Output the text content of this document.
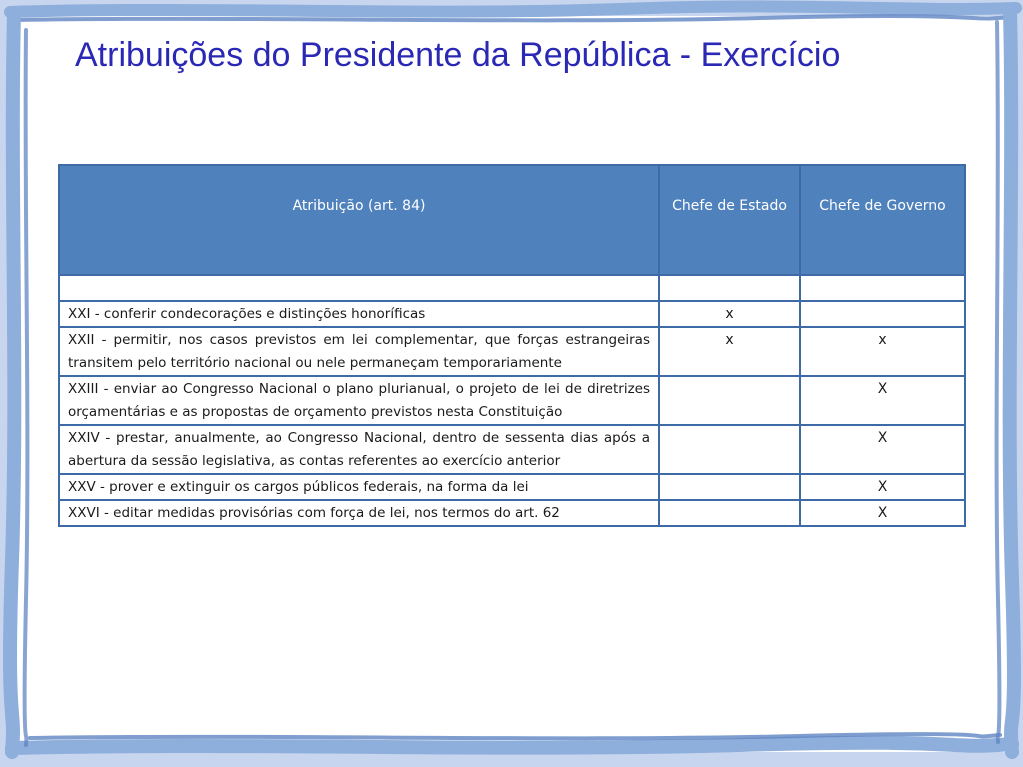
Atribuições do Presidente da República - Exercício
Atribuição (art. 84)	Chefe de Estado	Chefe de Governo

XXI - conferir condecorações e distinções honoríficas	x	
XXII - permitir, nos casos previstos em lei complementar, que forças estrangeiras transitem pelo território nacional ou nele permaneçam temporariamente	x	x
XXIII - enviar ao Congresso Nacional o plano plurianual, o projeto de lei de diretrizes orçamentárias e as propostas de orçamento previstos nesta Constituição		X
XXIV - prestar, anualmente, ao Congresso Nacional, dentro de sessenta dias após a abertura da sessão legislativa, as contas referentes ao exercício anterior		X
XXV - prover e extinguir os cargos públicos federais, na forma da lei		X
XXVI - editar medidas provisórias com força de lei, nos termos do art. 62		X
